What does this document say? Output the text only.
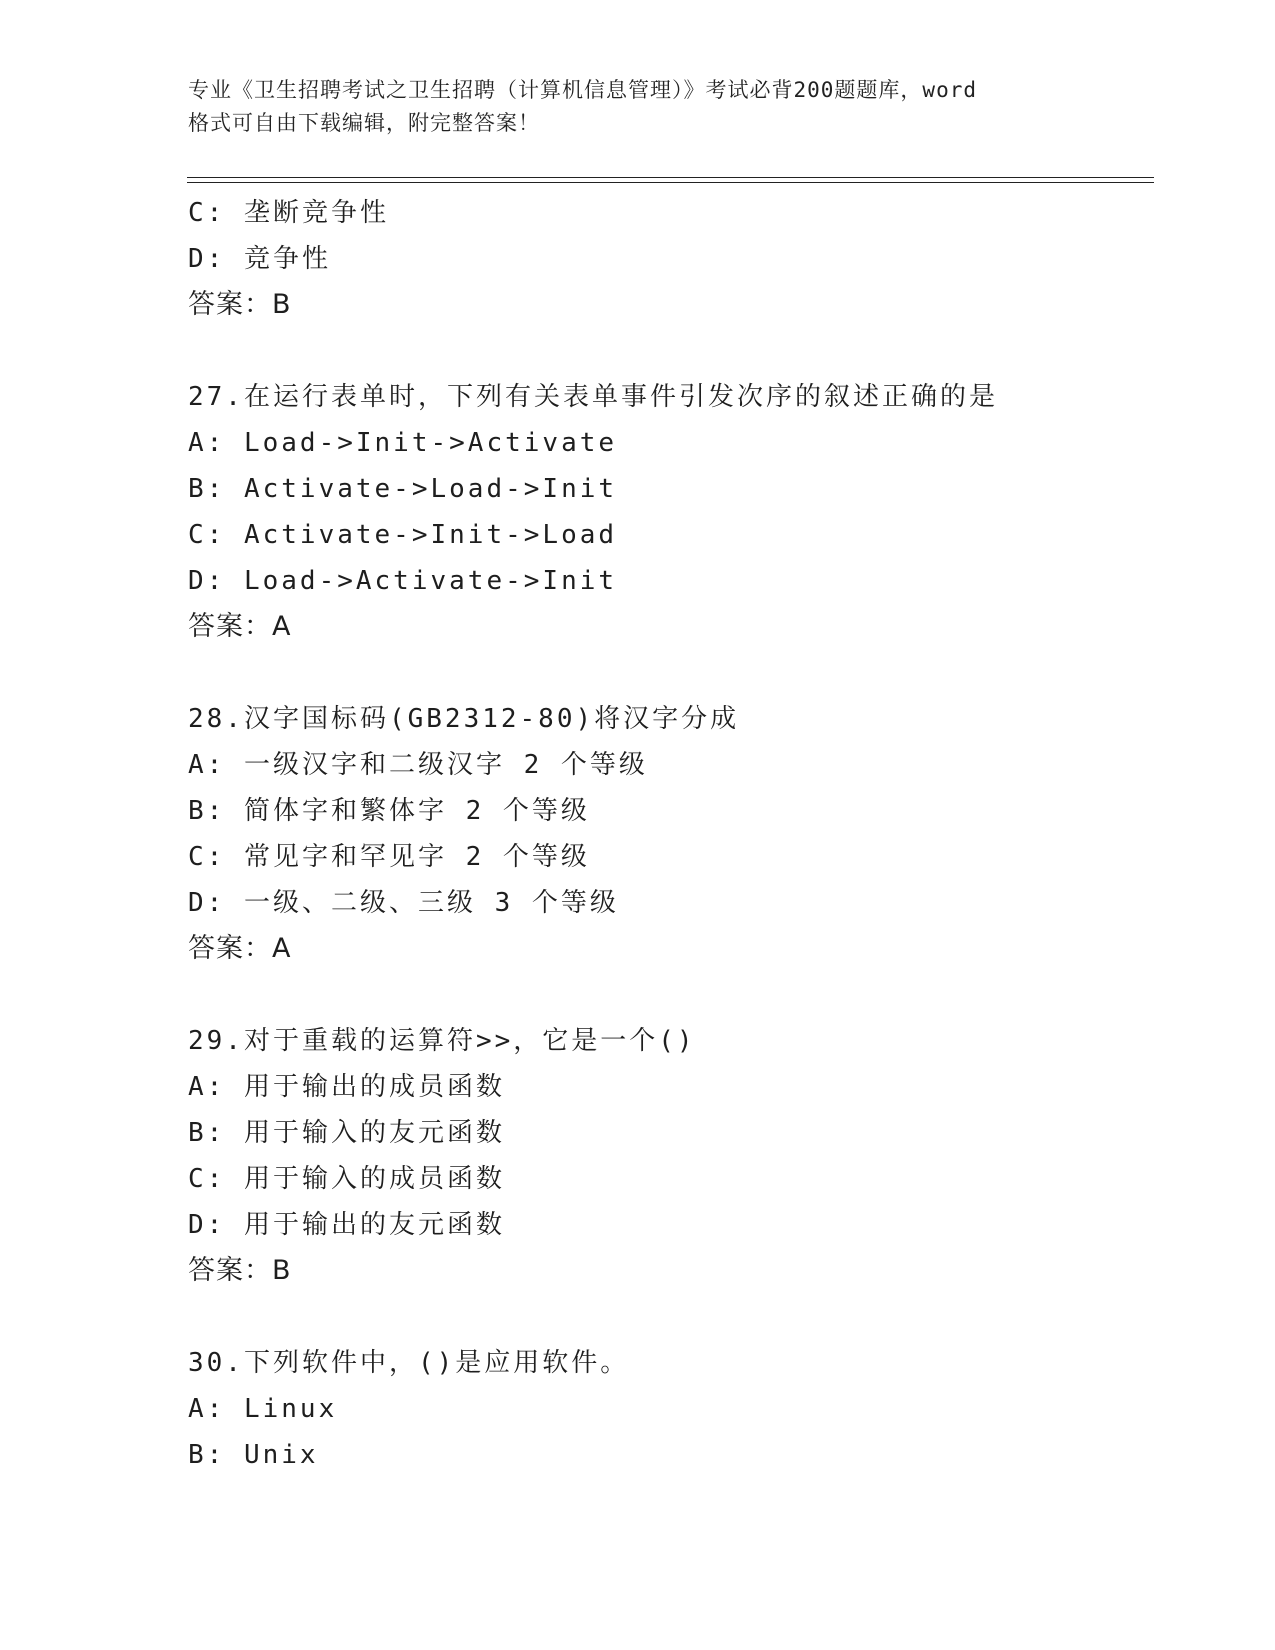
专业《卫生招聘考试之卫生招聘（计算机信息管理）》考试必背200题题库，word
格式可自由下载编辑，附完整答案！
C: 垄断竞争性
D: 竞争性
答案：B
27.在运行表单时，下列有关表单事件引发次序的叙述正确的是
A: Load->Init->Activate
B: Activate->Load->Init
C: Activate->Init->Load
D: Load->Activate->Init
答案：A
28.汉字国标码(GB2312-80)将汉字分成
A: 一级汉字和二级汉字 2 个等级
B: 简体字和繁体字 2 个等级
C: 常见字和罕见字 2 个等级
D: 一级、二级、三级 3 个等级
答案：A
29.对于重载的运算符>>，它是一个()
A: 用于输出的成员函数
B: 用于输入的友元函数
C: 用于输入的成员函数
D: 用于输出的友元函数
答案：B
30.下列软件中，()是应用软件。
A: Linux
B: Unix
